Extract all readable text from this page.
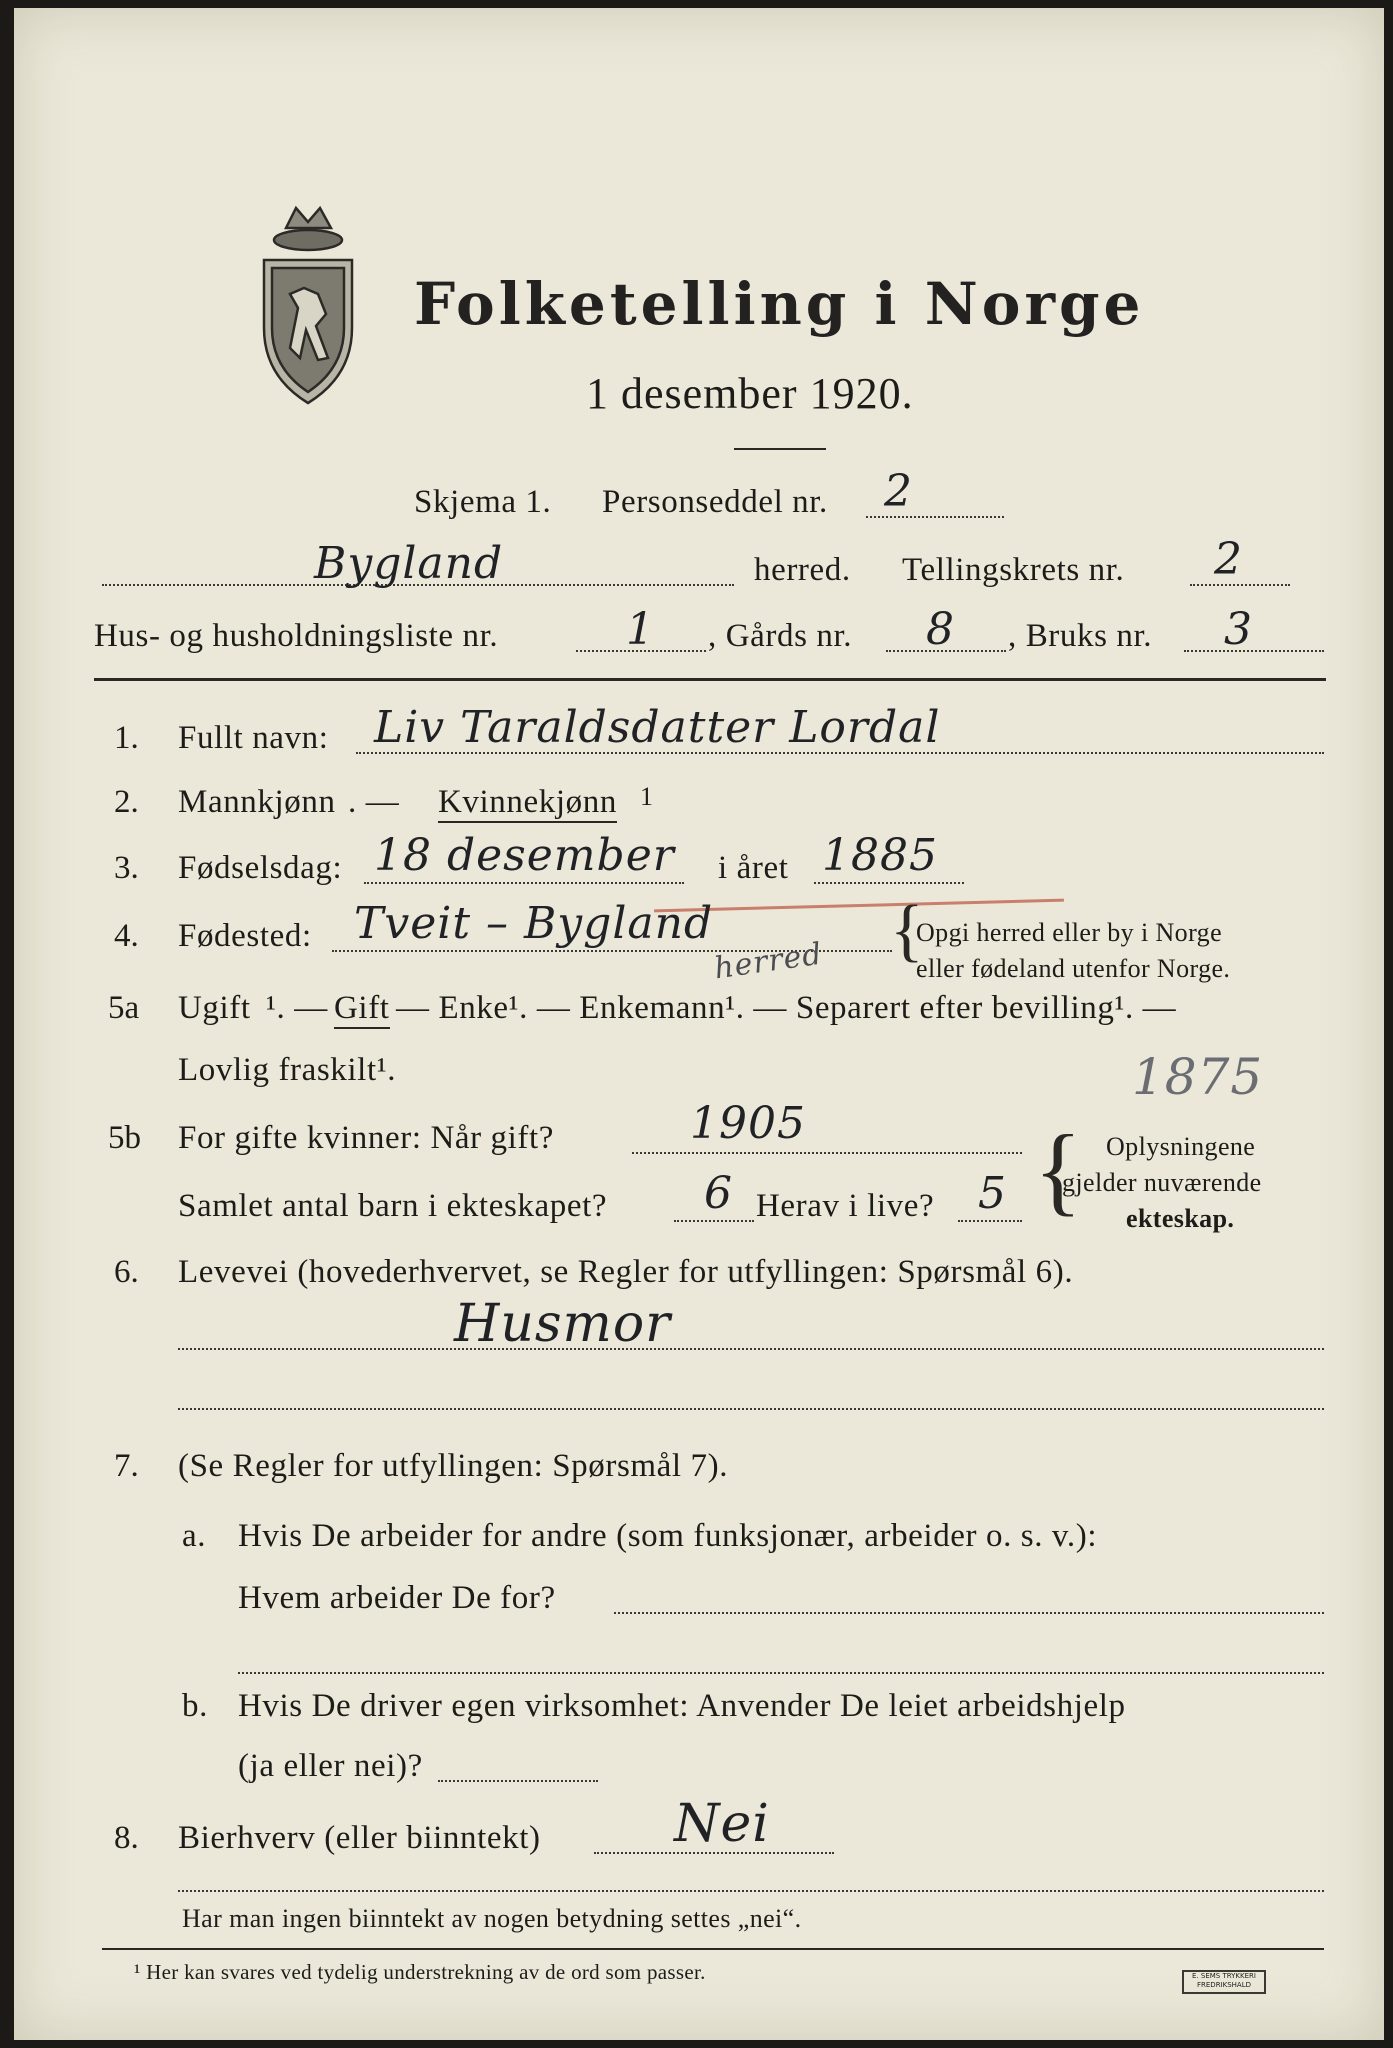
Folketelling i Norge
1 desember 1920.
Skjema 1. Personseddel nr. 2
Bygland	herred. Tellingskrets nr. 2
Hus- og husholdningsliste nr.	1 , Gårds nr. 8 , Bruks nr. 3
1. Fullt navn: Liv Taraldsdatter Lordal
2. Mannkjønn . — Kvinnekjønn 1
3. Fødselsdag: 18 desember i året 1885
4. Fødested: Tveit – Bygland	{
Opgi herred eller by i Norge
eller fødeland utenfor Norge.
herred
5a Ugift ¹. — Gift — Enke¹. — Enkemann¹. — Separert efter bevilling¹. —
Lovlig fraskilt¹.	1875
5b For gifte kvinner: Når gift?	1905
Samlet antal barn i ekteskapet? 6 Herav i live? 5 { Oplysningene
gjelder nuværende
ekteskap.
6. Levevei (hovederhvervet, se Regler for utfyllingen: Spørsmål 6).
Husmor
7. (Se Regler for utfyllingen: Spørsmål 7).
a. Hvis De arbeider for andre (som funksjonær, arbeider o. s. v.):
Hvem arbeider De for?
b. Hvis De driver egen virksomhet: Anvender De leiet arbeidshjelp
(ja eller nei)?
8. Bierhverv (eller biinntekt)	Nei
Har man ingen biinntekt av nogen betydning settes „nei“.
¹ Her kan svares ved tydelig understrekning av de ord som passer.	E. SEMS TRYKKERI FREDRIKSHALD
